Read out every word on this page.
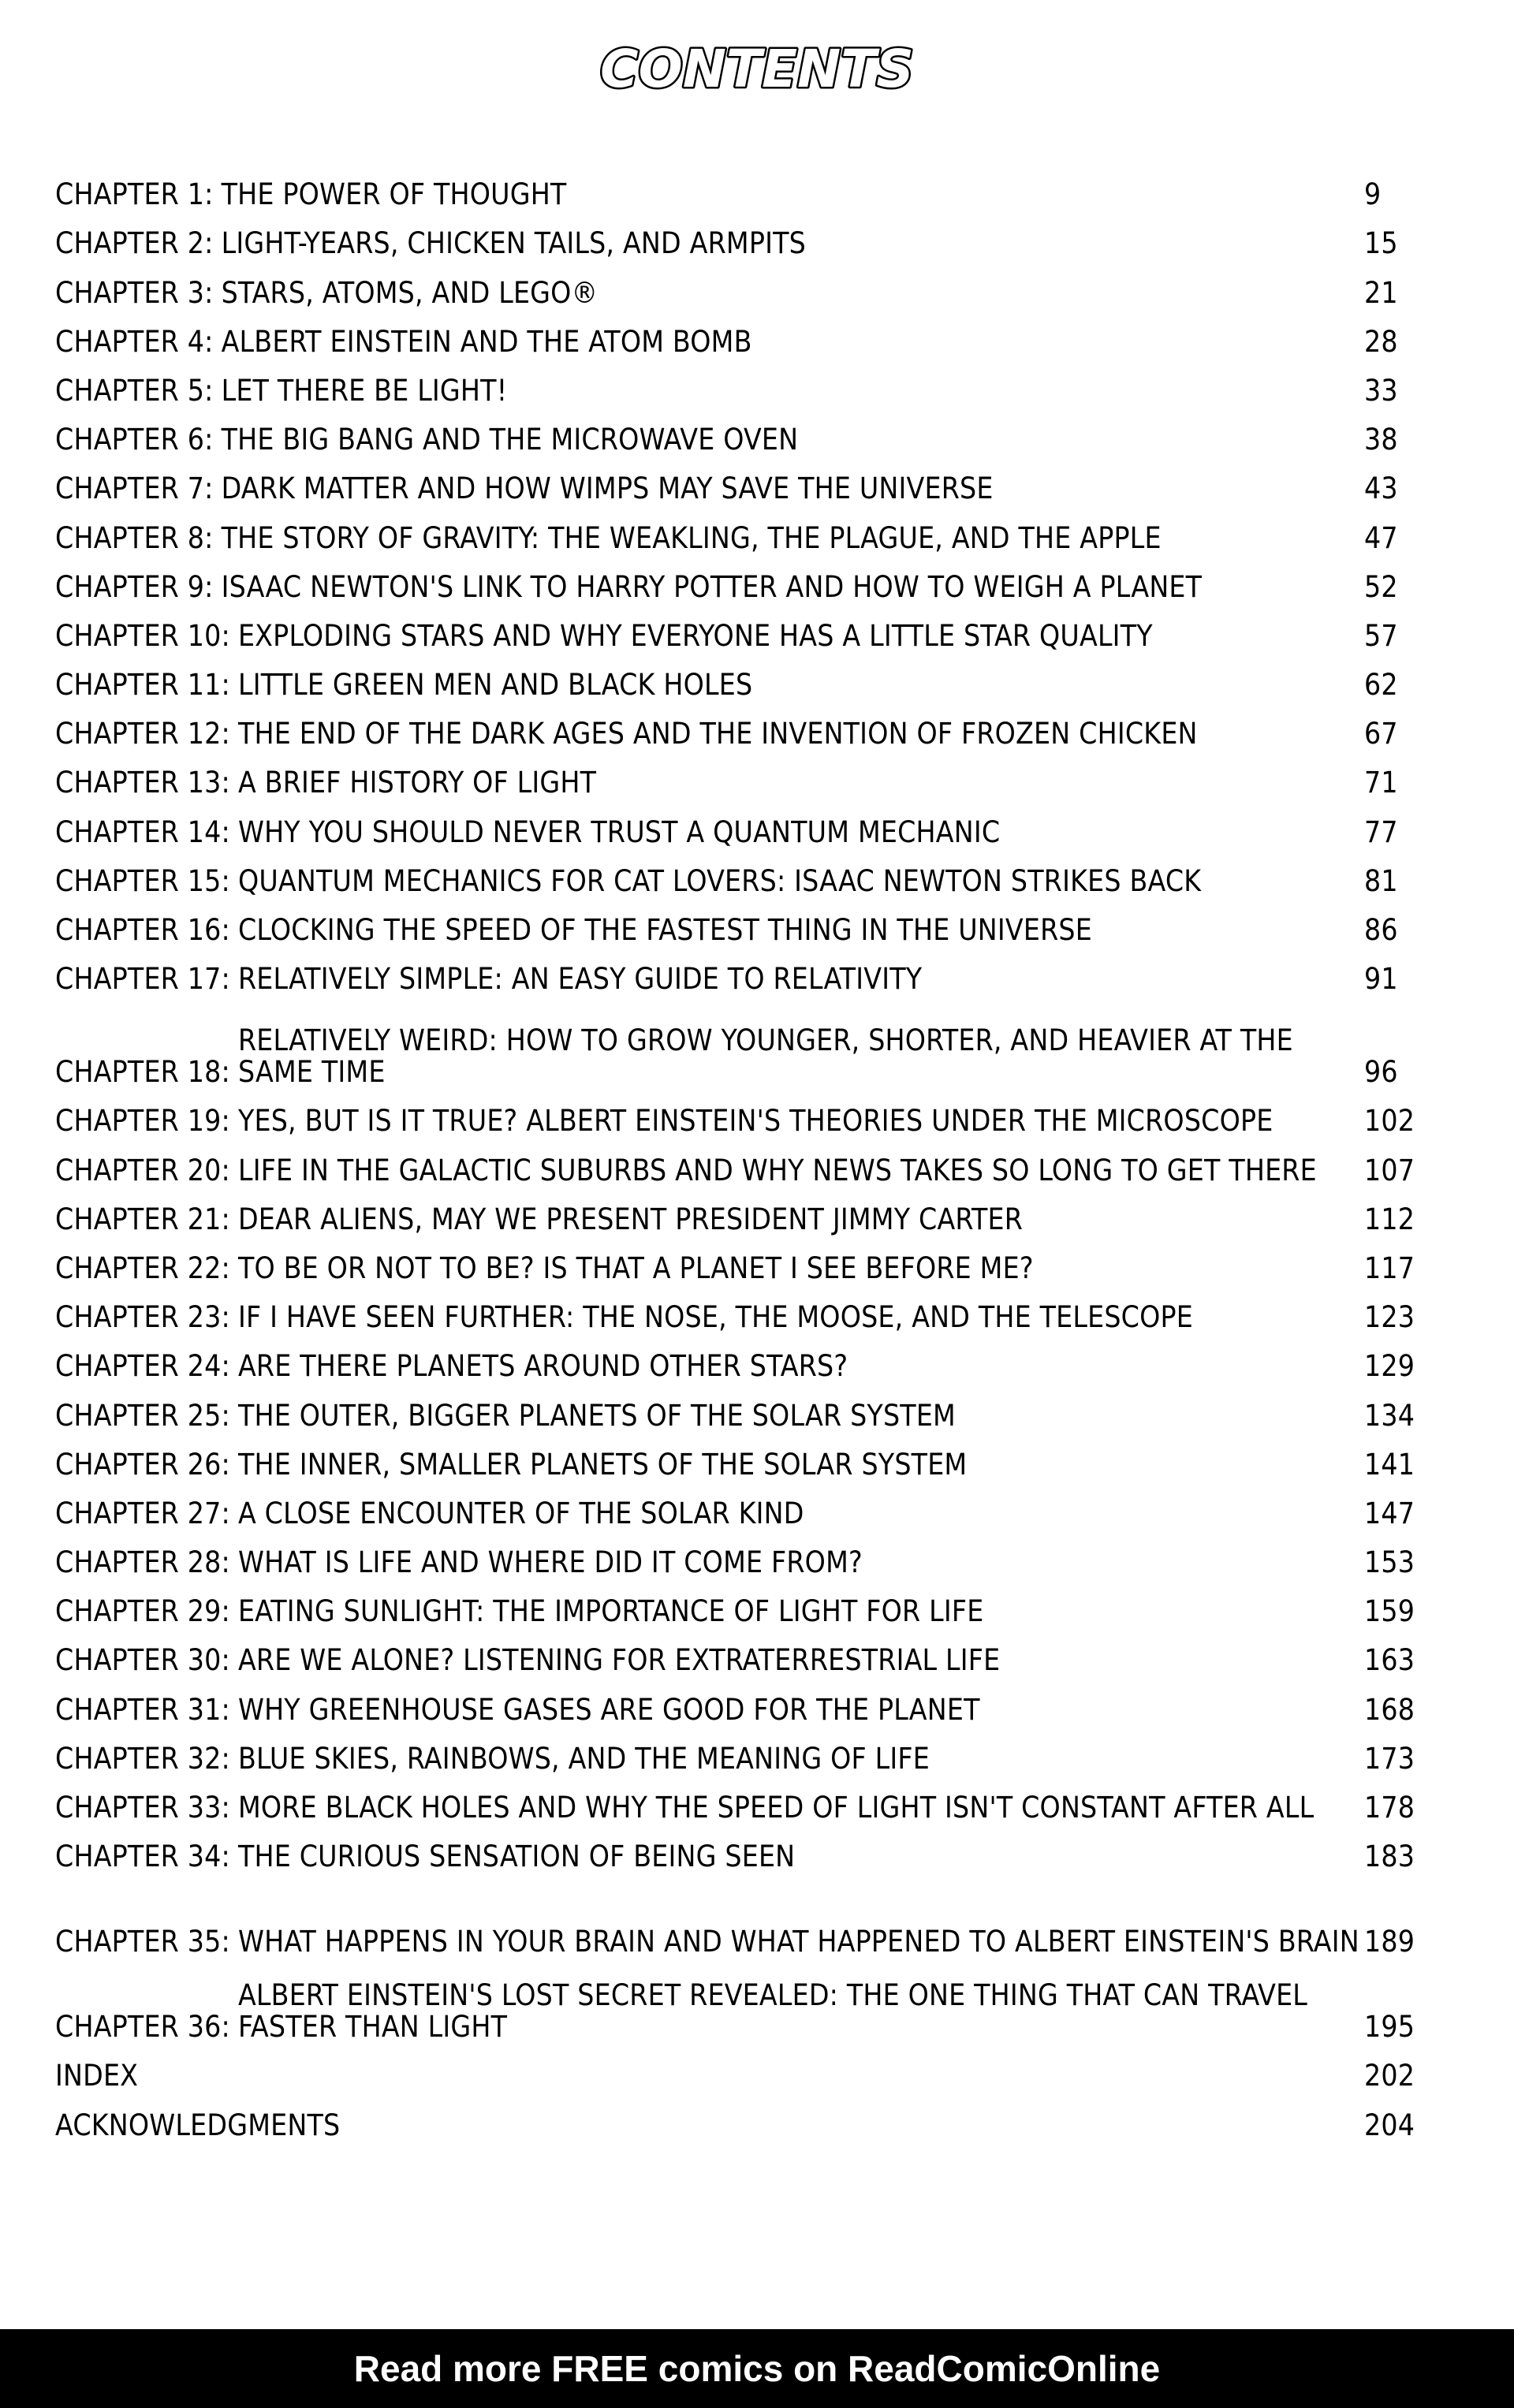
CONTENTS
CHAPTER 1: THE POWER OF THOUGHT	9
CHAPTER 2: LIGHT-YEARS, CHICKEN TAILS, AND ARMPITS	15
CHAPTER 3: STARS, ATOMS, AND LEGO®	21
CHAPTER 4: ALBERT EINSTEIN AND THE ATOM BOMB	28
CHAPTER 5: LET THERE BE LIGHT!	33
CHAPTER 6: THE BIG BANG AND THE MICROWAVE OVEN	38
CHAPTER 7: DARK MATTER AND HOW WIMPS MAY SAVE THE UNIVERSE	43
CHAPTER 8: THE STORY OF GRAVITY: THE WEAKLING, THE PLAGUE, AND THE APPLE	47
CHAPTER 9: ISAAC NEWTON'S LINK TO HARRY POTTER AND HOW TO WEIGH A PLANET	52
CHAPTER 10: EXPLODING STARS AND WHY EVERYONE HAS A LITTLE STAR QUALITY	57
CHAPTER 11: LITTLE GREEN MEN AND BLACK HOLES	62
CHAPTER 12: THE END OF THE DARK AGES AND THE INVENTION OF FROZEN CHICKEN	67
CHAPTER 13: A BRIEF HISTORY OF LIGHT	71
CHAPTER 14: WHY YOU SHOULD NEVER TRUST A QUANTUM MECHANIC	77
CHAPTER 15: QUANTUM MECHANICS FOR CAT LOVERS: ISAAC NEWTON STRIKES BACK	81
CHAPTER 16: CLOCKING THE SPEED OF THE FASTEST THING IN THE UNIVERSE	86
CHAPTER 17: RELATIVELY SIMPLE: AN EASY GUIDE TO RELATIVITY	91
CHAPTER 18:
RELATIVELY WEIRD: HOW TO GROW YOUNGER, SHORTER, AND HEAVIER AT THE SAME TIME	96
CHAPTER 19: YES, BUT IS IT TRUE? ALBERT EINSTEIN'S THEORIES UNDER THE MICROSCOPE	102
CHAPTER 20: LIFE IN THE GALACTIC SUBURBS AND WHY NEWS TAKES SO LONG TO GET THERE	107
CHAPTER 21: DEAR ALIENS, MAY WE PRESENT PRESIDENT JIMMY CARTER	112
CHAPTER 22: TO BE OR NOT TO BE? IS THAT A PLANET I SEE BEFORE ME?	117
CHAPTER 23: IF I HAVE SEEN FURTHER: THE NOSE, THE MOOSE, AND THE TELESCOPE	123
CHAPTER 24: ARE THERE PLANETS AROUND OTHER STARS?	129
CHAPTER 25: THE OUTER, BIGGER PLANETS OF THE SOLAR SYSTEM	134
CHAPTER 26: THE INNER, SMALLER PLANETS OF THE SOLAR SYSTEM	141
CHAPTER 27: A CLOSE ENCOUNTER OF THE SOLAR KIND	147
CHAPTER 28: WHAT IS LIFE AND WHERE DID IT COME FROM?	153
CHAPTER 29: EATING SUNLIGHT: THE IMPORTANCE OF LIGHT FOR LIFE	159
CHAPTER 30: ARE WE ALONE? LISTENING FOR EXTRATERRESTRIAL LIFE	163
CHAPTER 31: WHY GREENHOUSE GASES ARE GOOD FOR THE PLANET	168
CHAPTER 32: BLUE SKIES, RAINBOWS, AND THE MEANING OF LIFE	173
CHAPTER 33: MORE BLACK HOLES AND WHY THE SPEED OF LIGHT ISN'T CONSTANT AFTER ALL	178
CHAPTER 34: THE CURIOUS SENSATION OF BEING SEEN	183
CHAPTER 35: WHAT HAPPENS IN YOUR BRAIN AND WHAT HAPPENED TO ALBERT EINSTEIN'S BRAIN 189
CHAPTER 36:
ALBERT EINSTEIN'S LOST SECRET REVEALED: THE ONE THING THAT CAN TRAVEL FASTER THAN LIGHT	195
INDEX	202
ACKNOWLEDGMENTS	204
Read more FREE comics on ReadComicOnline
